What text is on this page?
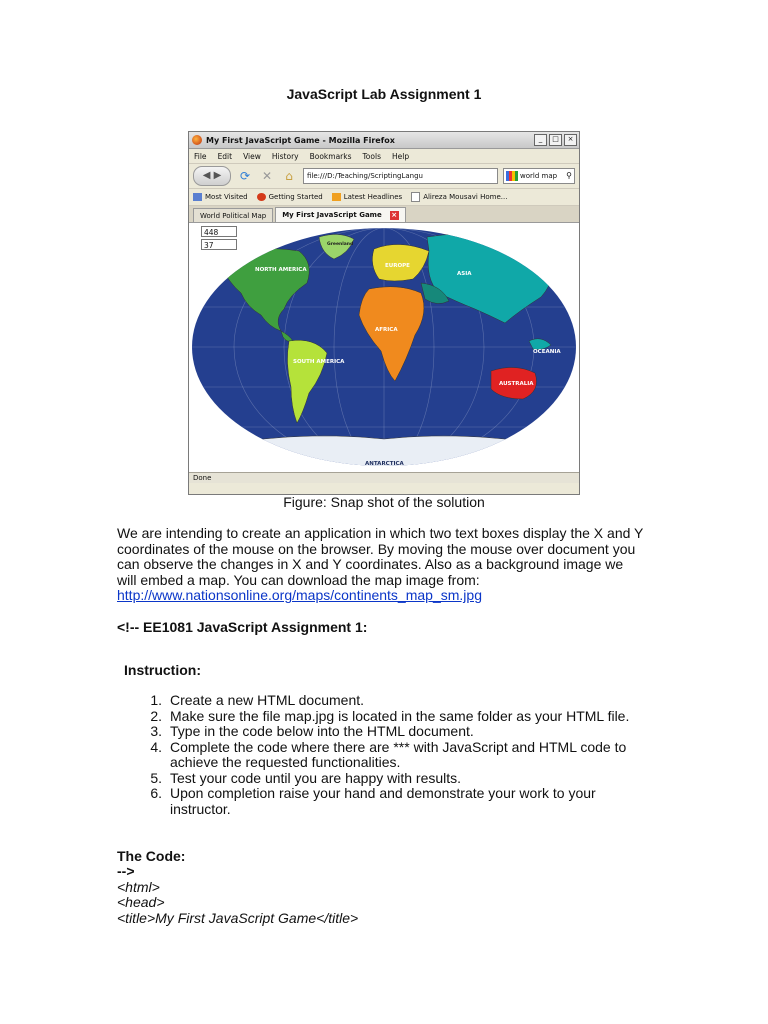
JavaScript Lab Assignment 1
My First JavaScript Game - Mozilla Firefox	_	□	×
File Edit View History Bookmarks Tools Help
◀ ▶	⟳ ✕	⌂	file:///D:/Teaching/ScriptingLangu	world map	⚲
Most Visited	Getting Started	Latest Headlines	Alireza Mousavi Home...
World Political Map My First JavaScript Game ×
NORTH AMERICA
SOUTH AMERICA
EUROPE
ASIA
AFRICA
AUSTRALIA
OCEANIA
ANTARCTICA
Greenland
448
37
Done
Figure: Snap shot of the solution
We are intending to create an application in which two text boxes display the X and Y
coordinates of the mouse on the browser. By moving the mouse over document you
can observe the changes in X and Y coordinates. Also as a background image we
will embed a map. You can download the map image from:
http://www.nationsonline.org/maps/continents_map_sm.jpg
<!-- EE1081 JavaScript Assignment 1:
Instruction:
1. Create a new HTML document.
2. Make sure the file map.jpg is located in the same folder as your HTML file.
3. Type in the code below into the HTML document.
4. Complete the code where there are *** with JavaScript and HTML code to achieve the requested functionalities.
5. Test your code until you are happy with results.
6. Upon completion raise your hand and demonstrate your work to your instructor.
The Code:
-->
<html>
<head>
<title>My First JavaScript Game</title>
